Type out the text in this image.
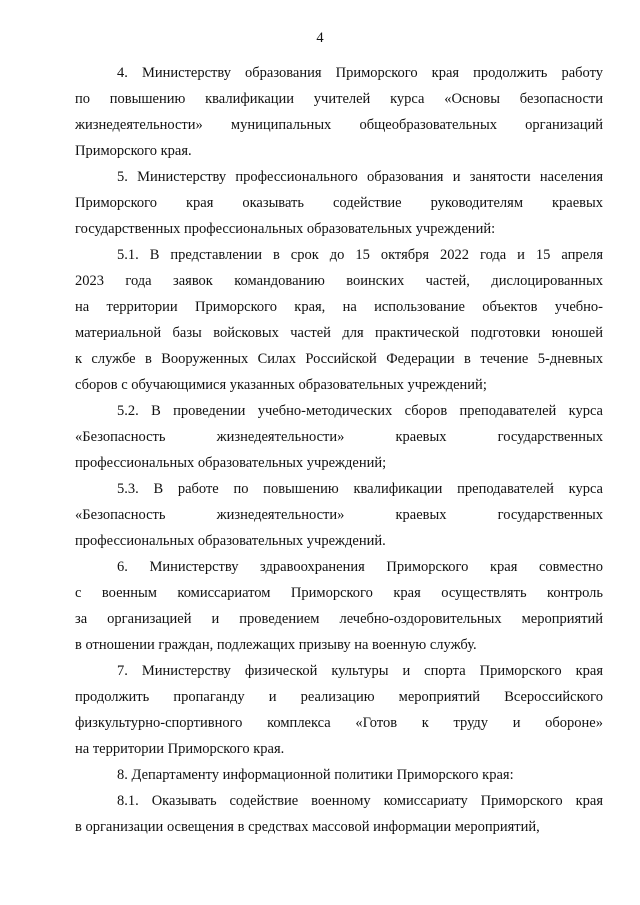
4
4. Министерству образования Приморского края продолжить работу
по повышению квалификации учителей курса «Основы безопасности
жизнедеятельности» муниципальных общеобразовательных организаций
Приморского края.
5. Министерству профессионального образования и занятости населения
Приморского края оказывать содействие руководителям краевых
государственных профессиональных образовательных учреждений:
5.1. В представлении в срок до 15 октября 2022 года и 15 апреля
2023 года заявок командованию воинских частей, дислоцированных
на территории Приморского края, на использование объектов учебно-
материальной базы войсковых частей для практической подготовки юношей
к службе в Вооруженных Силах Российской Федерации в течение 5-дневных
сборов с обучающимися указанных образовательных учреждений;
5.2. В проведении учебно-методических сборов преподавателей курса
«Безопасность жизнедеятельности» краевых государственных
профессиональных образовательных учреждений;
5.3. В работе по повышению квалификации преподавателей курса
«Безопасность жизнедеятельности» краевых государственных
профессиональных образовательных учреждений.
6. Министерству здравоохранения Приморского края совместно
с военным комиссариатом Приморского края осуществлять контроль
за организацией и проведением лечебно-оздоровительных мероприятий
в отношении граждан, подлежащих призыву на военную службу.
7. Министерству физической культуры и спорта Приморского края
продолжить пропаганду и реализацию мероприятий Всероссийского
физкультурно-спортивного комплекса «Готов к труду и обороне»
на территории Приморского края.
8. Департаменту информационной политики Приморского края:
8.1. Оказывать содействие военному комиссариату Приморского края
в организации освещения в средствах массовой информации мероприятий,
